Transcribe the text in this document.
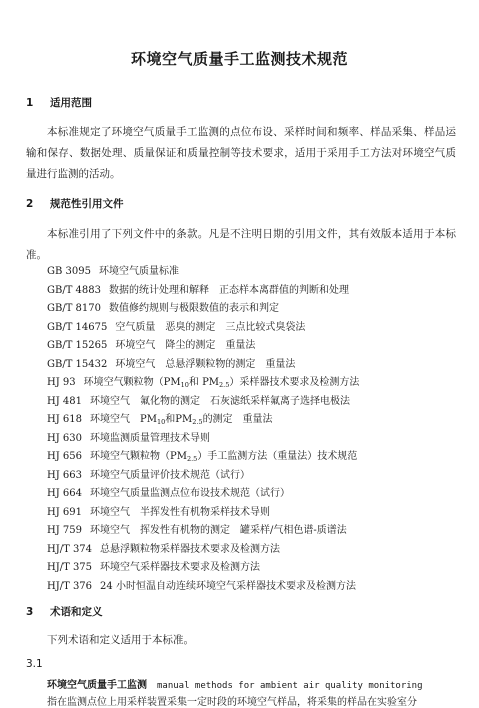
环境空气质量手工监测技术规范
1 适用范围
本标准规定了环境空气质量手工监测的点位布设、采样时间和频率、样品采集、样品运输和保存、数据处理、质量保证和质量控制等技术要求，适用于采用手工方法对环境空气质量进行监测的活动。
2 规范性引用文件
本标准引用了下列文件中的条款。凡是不注明日期的引用文件，其有效版本适用于本标准。
GB 3095 环境空气质量标准
GB/T 4883 数据的统计处理和解释　正态样本离群值的判断和处理
GB/T 8170 数值修约规则与极限数值的表示和判定
GB/T 14675 空气质量　恶臭的测定　三点比较式臭袋法
GB/T 15265 环境空气　降尘的测定　重量法
GB/T 15432 环境空气　总悬浮颗粒物的测定　重量法
HJ 93 环境空气颗粒物（$PM_{10}$和 $PM_{2.5}$）采样器技术要求及检测方法
HJ 481 环境空气　氟化物的测定　石灰滤纸采样氟离子选择电极法
HJ 618 环境空气　$PM_{10}$和$PM_{2.5}$的测定　重量法
HJ 630 环境监测质量管理技术导则
HJ 656 环境空气颗粒物$(PM_{2.5})$手工监测方法（重量法）技术规范
HJ 663 环境空气质量评价技术规范（试行）
HJ 664 环境空气质量监测点位布设技术规范（试行）
HJ 691 环境空气　半挥发性有机物采样技术导则
HJ 759 环境空气　挥发性有机物的测定　罐采样/气相色谱-质谱法
HJ/T 374 总悬浮颗粒物采样器技术要求及检测方法
HJ/T 375 环境空气采样器技术要求及检测方法
HJ/T 376 24 小时恒温自动连续环境空气采样器技术要求及检测方法
3 术语和定义
下列术语和定义适用于本标准。
3.1
环境空气质量手工监测 manual methods for ambient air quality monitoring
指在监测点位上用采样装置采集一定时段的环境空气样品，将采集的样品在实验室分
